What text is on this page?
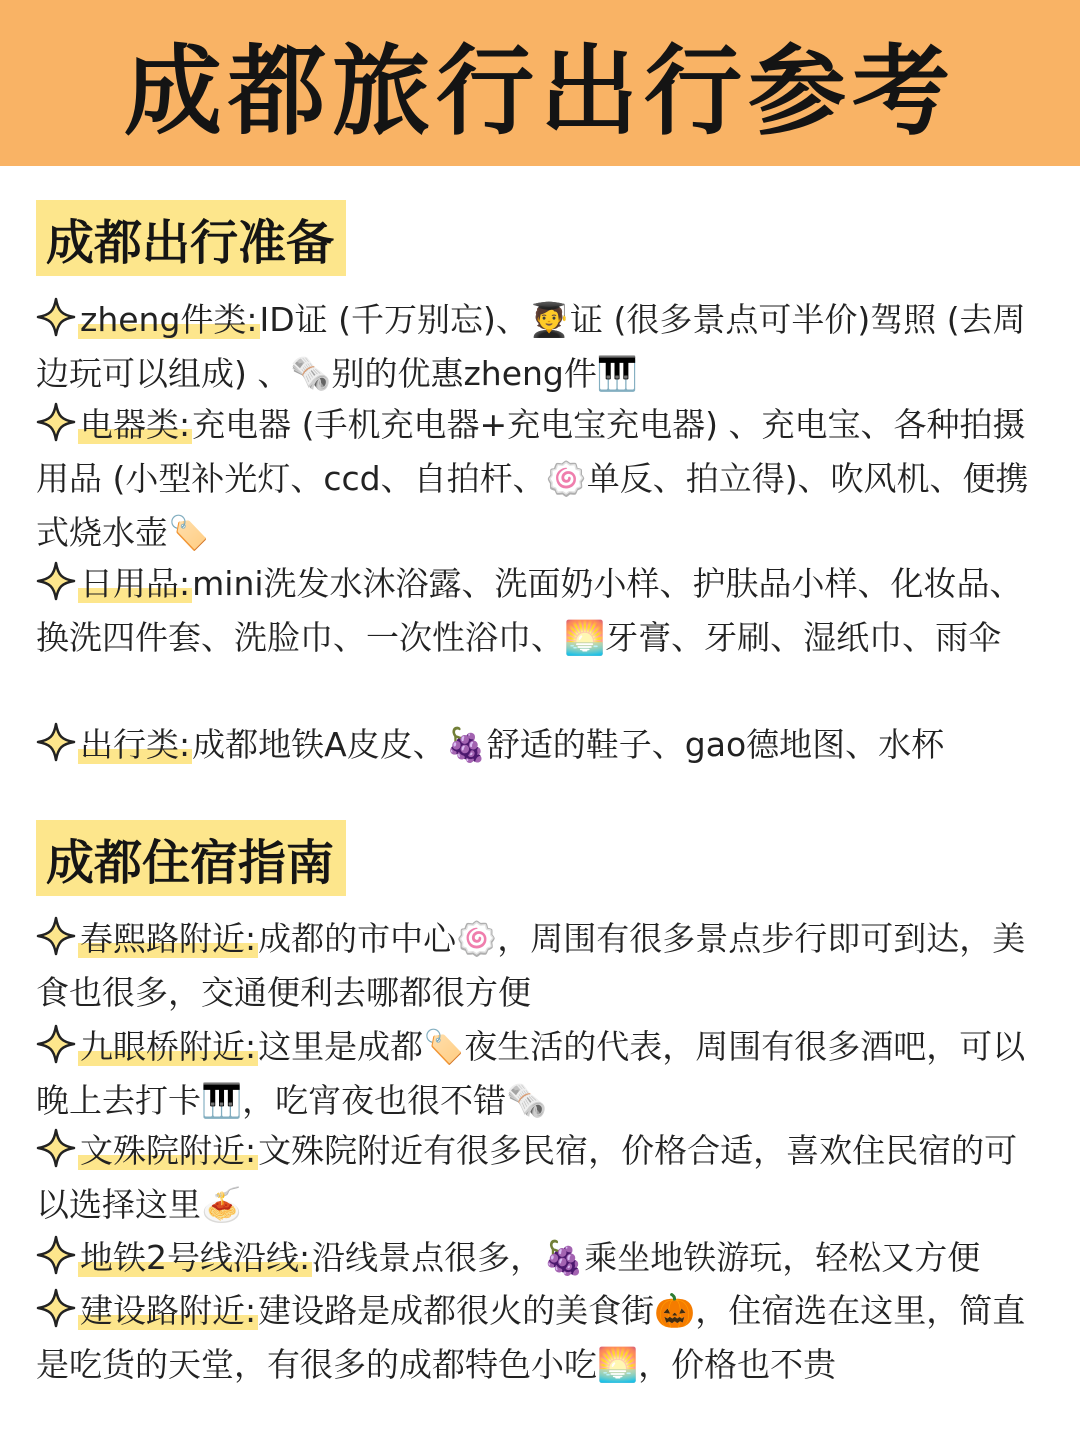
成都旅行出行参考
成都出行准备
zheng件类:ID证 (千万别忘)、🧑‍🎓证 (很多景点可半价)驾照 (去周边玩可以组成) 、🗞️别的优惠zheng件🎹
电器类:充电器 (手机充电器+充电宝充电器) 、充电宝、各种拍摄用品 (小型补光灯、ccd、自拍杆、🍥单反、拍立得)、吹风机、便携式烧水壶🏷️
日用品:mini洗发水沐浴露、洗面奶小样、护肤品小样、化妆品、换洗四件套、洗脸巾、一次性浴巾、🌅牙膏、牙刷、湿纸巾、雨伞
出行类:成都地铁A皮皮、🍇舒适的鞋子、gao德地图、水杯
成都住宿指南
春熙路附近:成都的市中心🍥，周围有很多景点步行即可到达，美食也很多，交通便利去哪都很方便
九眼桥附近:这里是成都🏷️夜生活的代表，周围有很多酒吧，可以晚上去打卡🎹，吃宵夜也很不错🗞️
文殊院附近:文殊院附近有很多民宿，价格合适，喜欢住民宿的可以选择这里🍝
地铁2号线沿线:沿线景点很多，🍇乘坐地铁游玩，轻松又方便
建设路附近:建设路是成都很火的美食街🎃，住宿选在这里，简直是吃货的天堂，有很多的成都特色小吃🌅，价格也不贵
